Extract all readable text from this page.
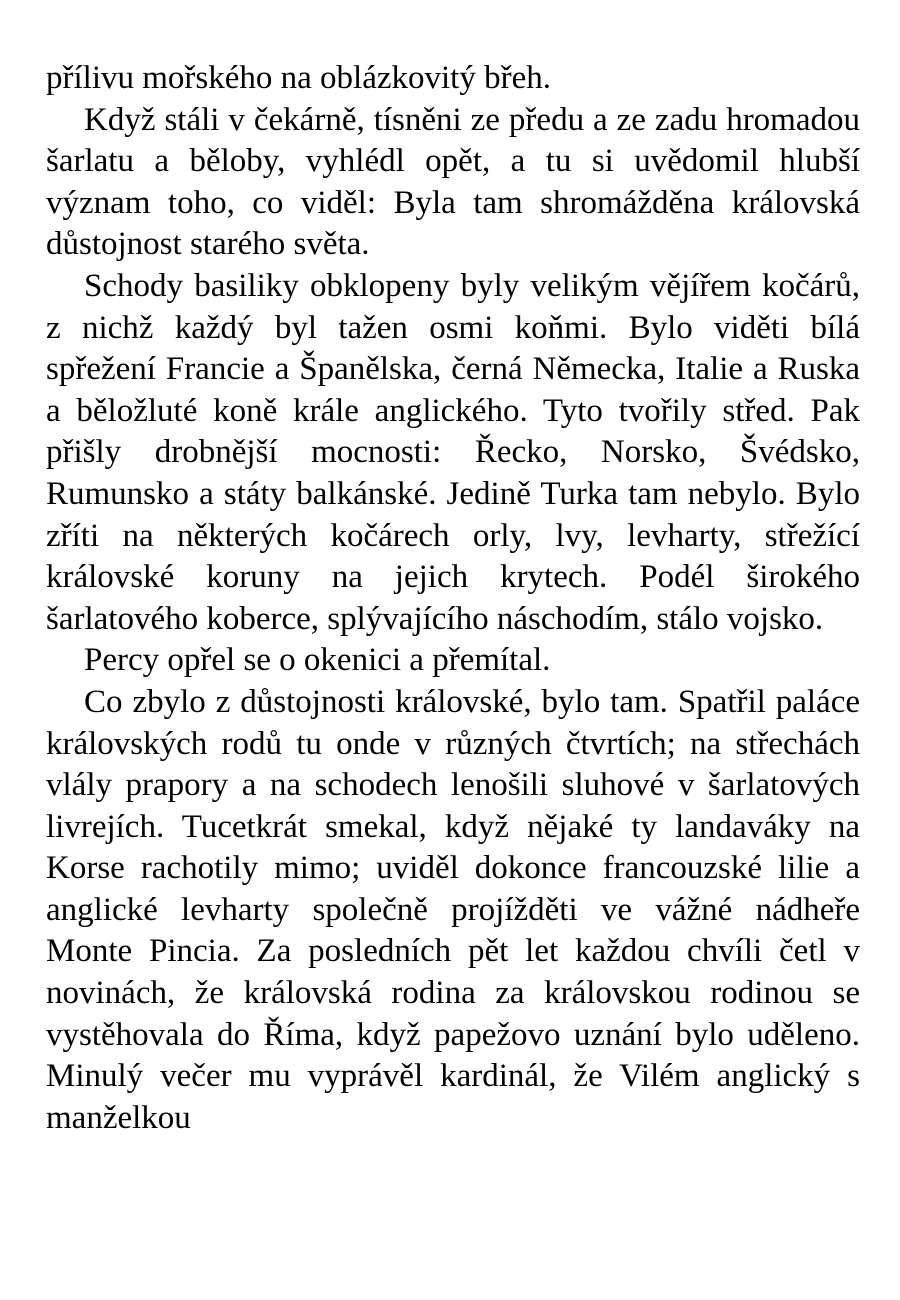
přílivu mořského na oblázkovitý břeh.

Když stáli v čekárně, tísněni ze předu a ze zadu hromadou šarlatu a běloby, vyhlédl opět, a tu si uvědomil hlubší význam toho, co viděl: Byla tam shromážděna královská důstojnost starého světa.

Schody basiliky obklopeny byly velikým vějířem kočárů, z nichž každý byl tažen osmi koňmi. Bylo viděti bílá spřežení Francie a Španělska, černá Německa, Italie a Ruska a běložluté koně krále anglického. Tyto tvořily střed. Pak přišly drobnější mocnosti: Řecko, Norsko, Švédsko, Rumunsko a státy balkánské. Jedině Turka tam nebylo. Bylo zříti na některých kočárech orly, lvy, levharty, střežící královské koruny na jejich krytech. Podél širokého šarlatového koberce, splývajícího náschodím, stálo vojsko.

Percy opřel se o okenici a přemítal.

Co zbylo z důstojnosti královské, bylo tam. Spatřil paláce královských rodů tu onde v různých čtvrtích; na střechách vlály prapory a na schodech lenošili sluhové v šarlatových livrejích. Tucetkrát smekal, když nějaké ty landaváky na Korse rachotily mimo; uviděl dokonce francouzské lilie a anglické levharty společně projížděti ve vážné nádheře Monte Pincia. Za posledních pět let každou chvíli četl v novinách, že královská rodina za královskou rodinou se vystěhovala do Říma, když papežovo uznání bylo uděleno. Minulý večer mu vyprávěl kardinál, že Vilém anglický s manželkou
